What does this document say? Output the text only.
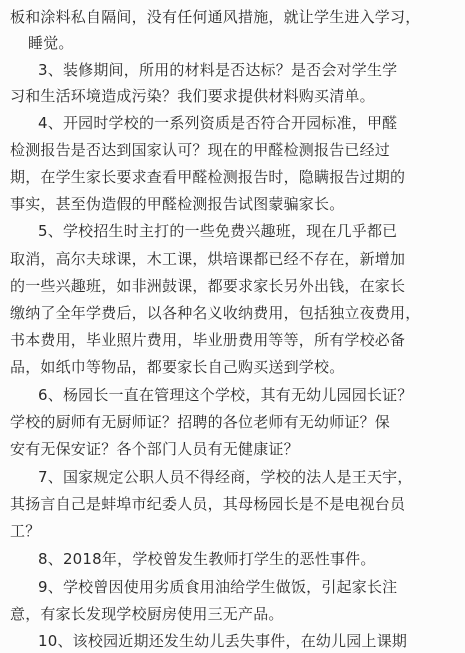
板和涂料私自隔间，没有任何通风措施，就让学生进入学习，
睡觉。
3、装修期间，所用的材料是否达标？是否会对学生学
习和生活环境造成污染？我们要求提供材料购买清单。
4、开园时学校的一系列资质是否符合开园标准，甲醛
检测报告是否达到国家认可？现在的甲醛检测报告已经过
期，在学生家长要求查看甲醛检测报告时，隐瞒报告过期的
事实，甚至伪造假的甲醛检测报告试图蒙骗家长。
5、学校招生时主打的一些免费兴趣班，现在几乎都已
取消，高尔夫球课，木工课，烘培课都已经不存在，新增加
的一些兴趣班，如非洲鼓课，都要求家长另外出钱，在家长
缴纳了全年学费后，以各种名义收纳费用，包括独立夜费用，
书本费用，毕业照片费用，毕业册费用等等，所有学校必备
品，如纸巾等物品，都要家长自己购买送到学校。
6、杨园长一直在管理这个学校，其有无幼儿园园长证？
学校的厨师有无厨师证？招聘的各位老师有无幼师证？保
安有无保安证？各个部门人员有无健康证？
7、国家规定公职人员不得经商，学校的法人是王天宇，
其扬言自己是蚌埠市纪委人员，其母杨园长是不是电视台员
工？
8、2018年，学校曾发生教师打学生的恶性事件。
9、学校曾因使用劣质食用油给学生做饭，引起家长注
意，有家长发现学校厨房使用三无产品。
10、该校园近期还发生幼儿丢失事件，在幼儿园上课期
